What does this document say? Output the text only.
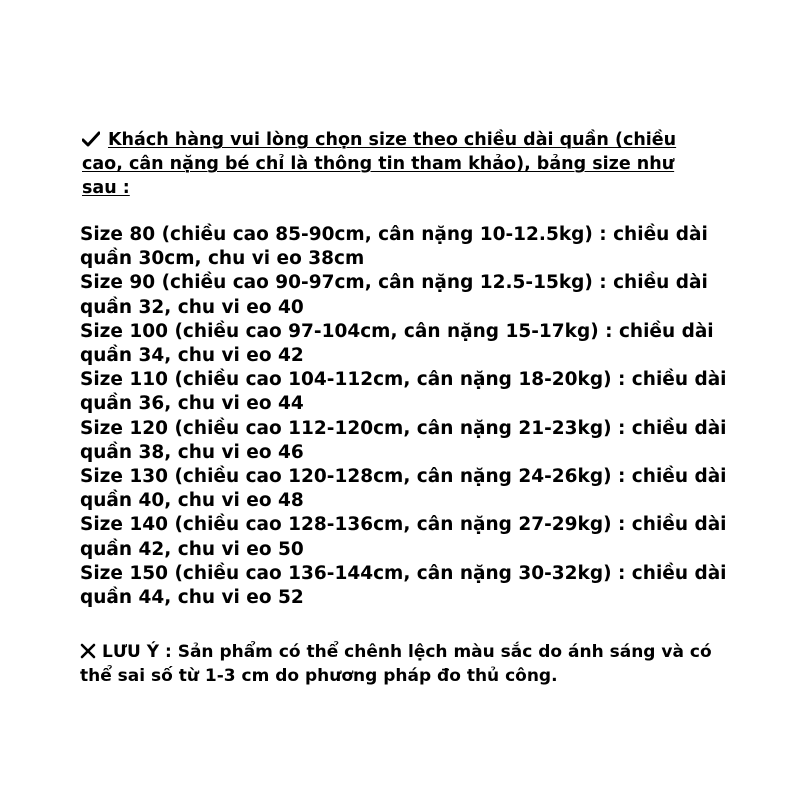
Khách hàng vui lòng chọn size theo chiều dài quần (chiều
cao, cân nặng bé chỉ là thông tin tham khảo), bảng size như
sau :
Size 80 (chiều cao 85-90cm, cân nặng 10-12.5kg) : chiều dài
quần 30cm, chu vi eo 38cm
Size 90 (chiều cao 90-97cm, cân nặng 12.5-15kg) : chiều dài
quần 32, chu vi eo 40
Size 100 (chiều cao 97-104cm, cân nặng 15-17kg) : chiều dài
quần 34, chu vi eo 42
Size 110 (chiều cao 104-112cm, cân nặng 18-20kg) : chiều dài
quần 36, chu vi eo 44
Size 120 (chiều cao 112-120cm, cân nặng 21-23kg) : chiều dài
quần 38, chu vi eo 46
Size 130 (chiều cao 120-128cm, cân nặng 24-26kg) : chiều dài
quần 40, chu vi eo 48
Size 140 (chiều cao 128-136cm, cân nặng 27-29kg) : chiều dài
quần 42, chu vi eo 50
Size 150 (chiều cao 136-144cm, cân nặng 30-32kg) : chiều dài
quần 44, chu vi eo 52
LƯU Ý : Sản phẩm có thể chênh lệch màu sắc do ánh sáng và có
thể sai số từ 1-3 cm do phương pháp đo thủ công.
